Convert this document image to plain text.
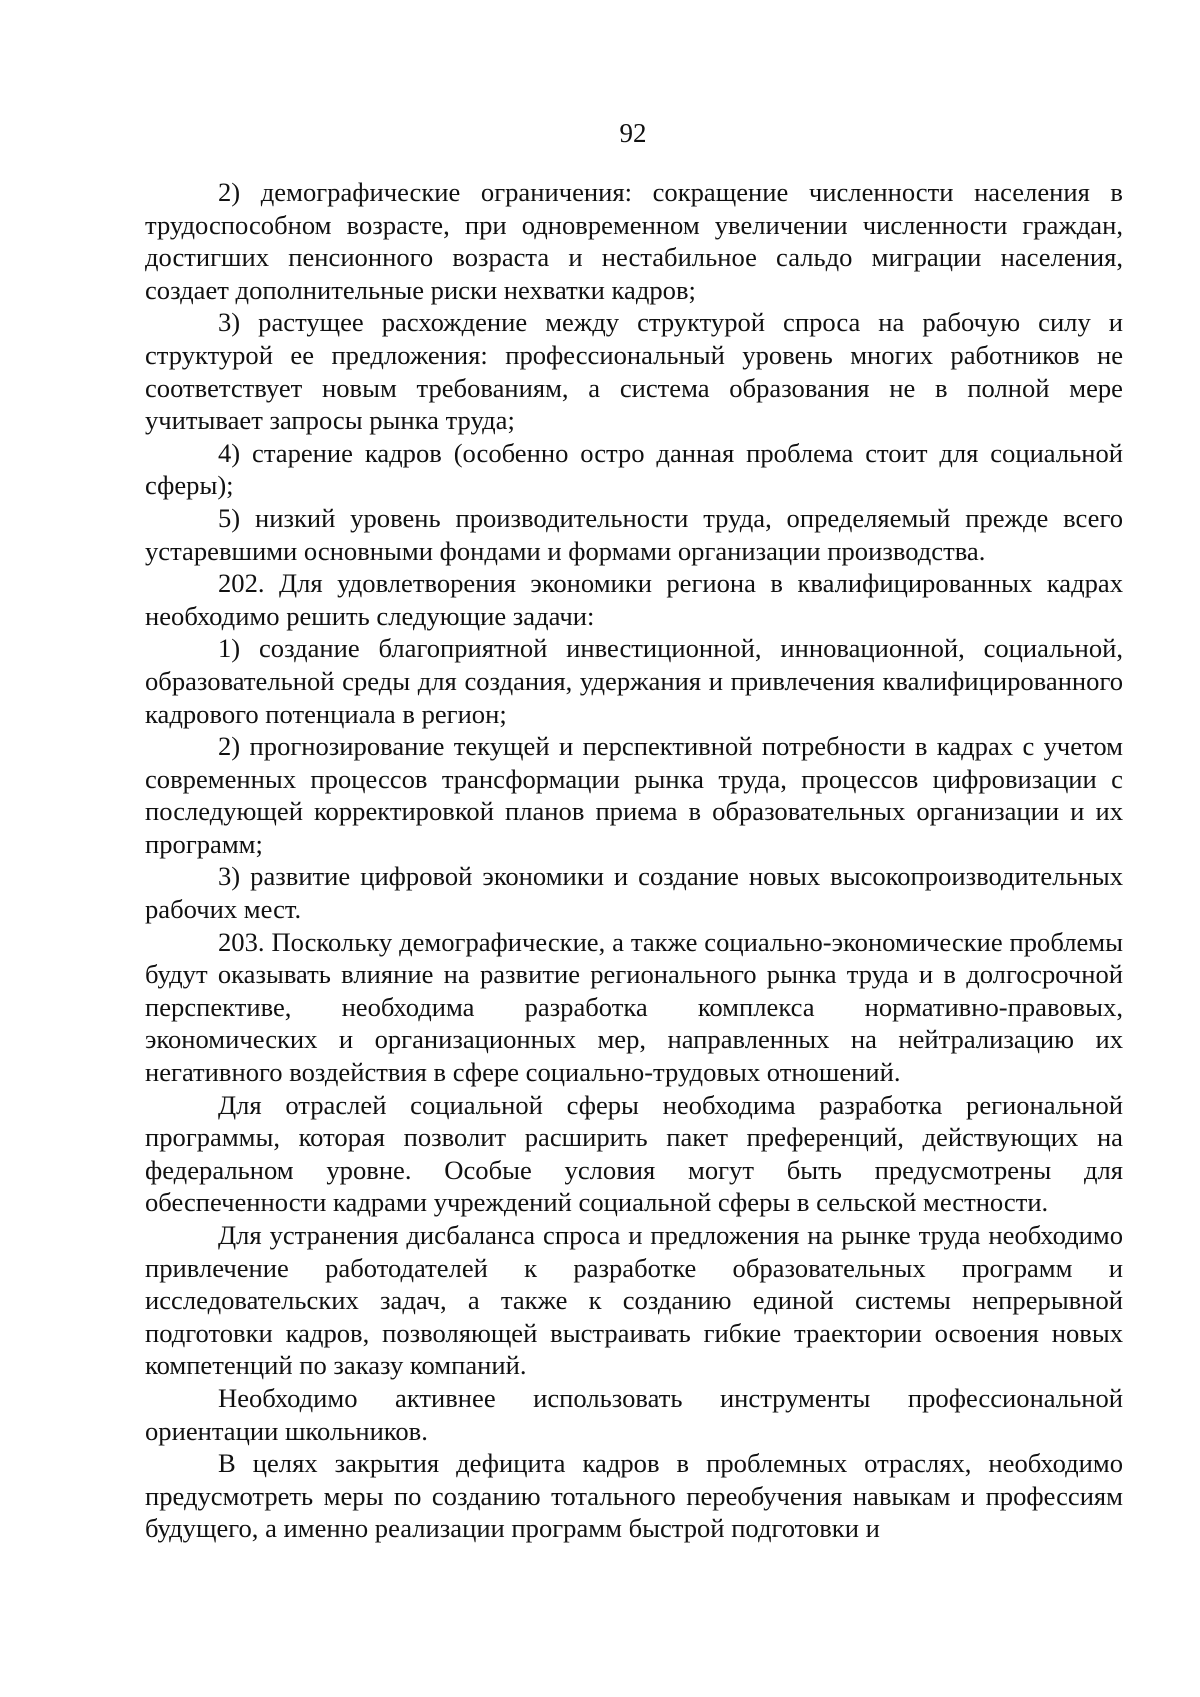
92

2) демографические ограничения: сокращение численности населения в трудоспособном возрасте, при одновременном увеличении численности граждан, достигших пенсионного возраста и нестабильное сальдо миграции населения, создает дополнительные риски нехватки кадров;

3) растущее расхождение между структурой спроса на рабочую силу и структурой ее предложения: профессиональный уровень многих работников не соответствует новым требованиям, а система образования не в полной мере учитывает запросы рынка труда;

4) старение кадров (особенно остро данная проблема стоит для социальной сферы);

5) низкий уровень производительности труда, определяемый прежде всего устаревшими основными фондами и формами организации производства.

202. Для удовлетворения экономики региона в квалифицированных кадрах необходимо решить следующие задачи:

1) создание благоприятной инвестиционной, инновационной, социальной, образовательной среды для создания, удержания и привлечения квалифицированного кадрового потенциала в регион;

2) прогнозирование текущей и перспективной потребности в кадрах с учетом современных процессов трансформации рынка труда, процессов цифровизации с последующей корректировкой планов приема в образовательных организации и их программ;

3) развитие цифровой экономики и создание новых высокопроизводительных рабочих мест.

203. Поскольку демографические, а также социально-экономические проблемы будут оказывать влияние на развитие регионального рынка труда и в долгосрочной перспективе, необходима разработка комплекса нормативно-правовых, экономических и организационных мер, направленных на нейтрализацию их негативного воздействия в сфере социально-трудовых отношений.

Для отраслей социальной сферы необходима разработка региональной программы, которая позволит расширить пакет преференций, действующих на федеральном уровне. Особые условия могут быть предусмотрены для обеспеченности кадрами учреждений социальной сферы в сельской местности.

Для устранения дисбаланса спроса и предложения на рынке труда необходимо привлечение работодателей к разработке образовательных программ и исследовательских задач, а также к созданию единой системы непрерывной подготовки кадров, позволяющей выстраивать гибкие траектории освоения новых компетенций по заказу компаний.

Необходимо активнее использовать инструменты профессиональной ориентации школьников.

В целях закрытия дефицита кадров в проблемных отраслях, необходимо предусмотреть меры по созданию тотального переобучения навыкам и профессиям будущего, а именно реализации программ быстрой подготовки и
